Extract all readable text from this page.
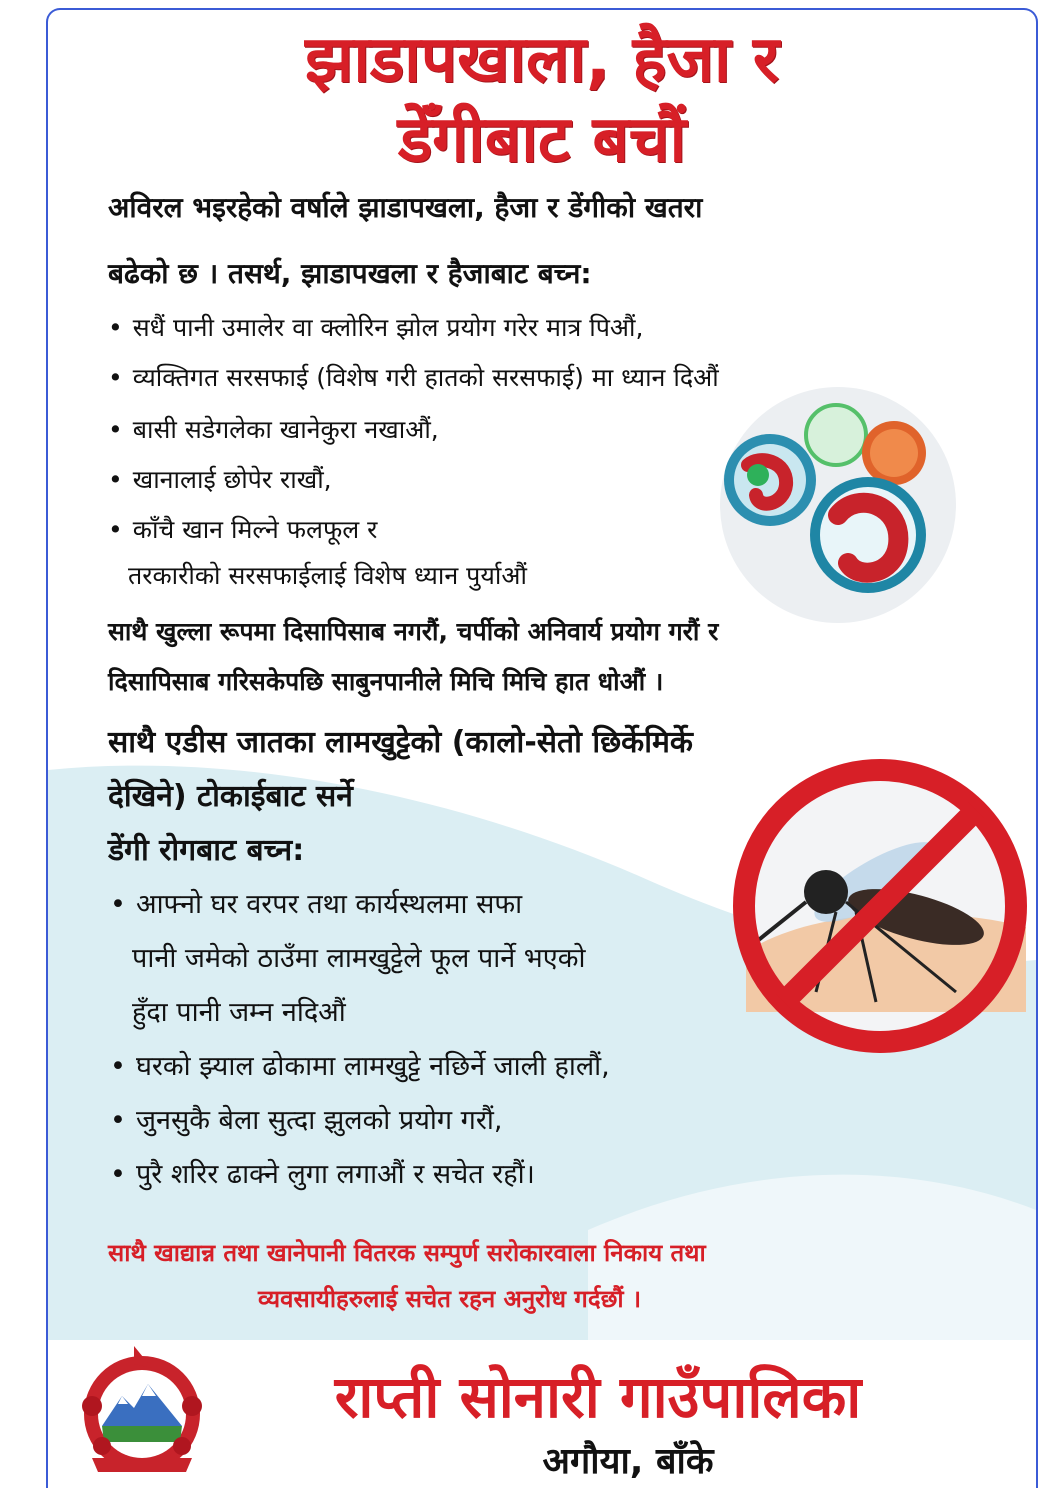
झाडापखाला, हैजा र
डेँगीबाट बचौं

अविरल भइरहेको वर्षाले झाडापखला, हैजा र डेंगीको खतरा

बढेको छ । तसर्थ, झाडापखला र हैजाबाट बच्न:

• सधैं पानी उमालेर वा क्लोरिन झोल प्रयोग गरेर मात्र पिऔं,

• व्यक्तिगत सरसफाई (विशेष गरी हातको सरसफाई) मा ध्यान दिऔं

• बासी सडेगलेका खानेकुरा नखाऔं,

• खानालाई छोपेर राखौं,

• काँचै खान मिल्ने फलफूल र

तरकारीको सरसफाईलाई विशेष ध्यान पुर्याऔं

साथै खुल्ला रूपमा दिसापिसाब नगरौं, चर्पीको अनिवार्य प्रयोग गरौं र

दिसापिसाब गरिसकेपछि साबुनपानीले मिचि मिचि हात धोऔं ।

साथै एडीस जातका लामखुट्टेको (कालो-सेतो छिर्केमिर्के

देखिने) टोकाईबाट सर्ने

डेंगी रोगबाट बच्न:

• आफ्नो घर वरपर तथा कार्यस्थलमा सफा

पानी जमेको ठाउँमा लामखुट्टेले फूल पार्ने भएको

हुँदा पानी जम्न नदिऔं

• घरको झ्याल ढोकामा लामखुट्टे नछिर्ने जाली हालौं,

• जुनसुकै बेला सुत्दा झुलको प्रयोग गरौं,

• पुरै शरिर ढाक्ने लुगा लगाऔं र सचेत रहौं।

साथै खाद्यान्न तथा खानेपानी वितरक सम्पुर्ण सरोकारवाला निकाय तथा

व्यवसायीहरुलाई सचेत रहन अनुरोध गर्दछौं ।

राप्ती सोनारी गाउँपालिका

अगौया, बाँके
